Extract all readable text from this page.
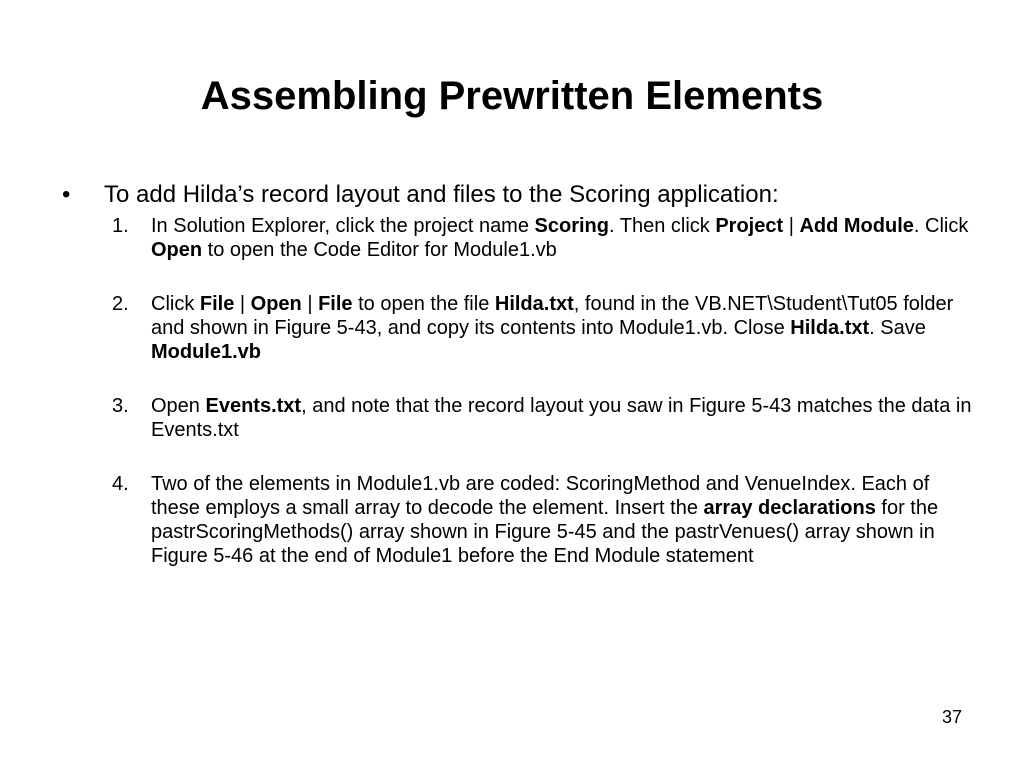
Assembling Prewritten Elements
• To add Hilda’s record layout and files to the Scoring application:
1. In Solution Explorer, click the project name Scoring. Then click Project | Add Module. Click Open to open the Code Editor for Module1.vb
2. Click File | Open | File to open the file Hilda.txt, found in the VB.NET\Student\Tut05 folder and shown in Figure 5-43, and copy its contents into Module1.vb. Close Hilda.txt. Save Module1.vb
3. Open Events.txt, and note that the record layout you saw in Figure 5-43 matches the data in Events.txt
4. Two of the elements in Module1.vb are coded: ScoringMethod and VenueIndex. Each of these employs a small array to decode the element. Insert the array declarations for the pastrScoringMethods() array shown in Figure 5-45 and the pastrVenues() array shown in Figure 5-46 at the end of Module1 before the End Module statement
37
